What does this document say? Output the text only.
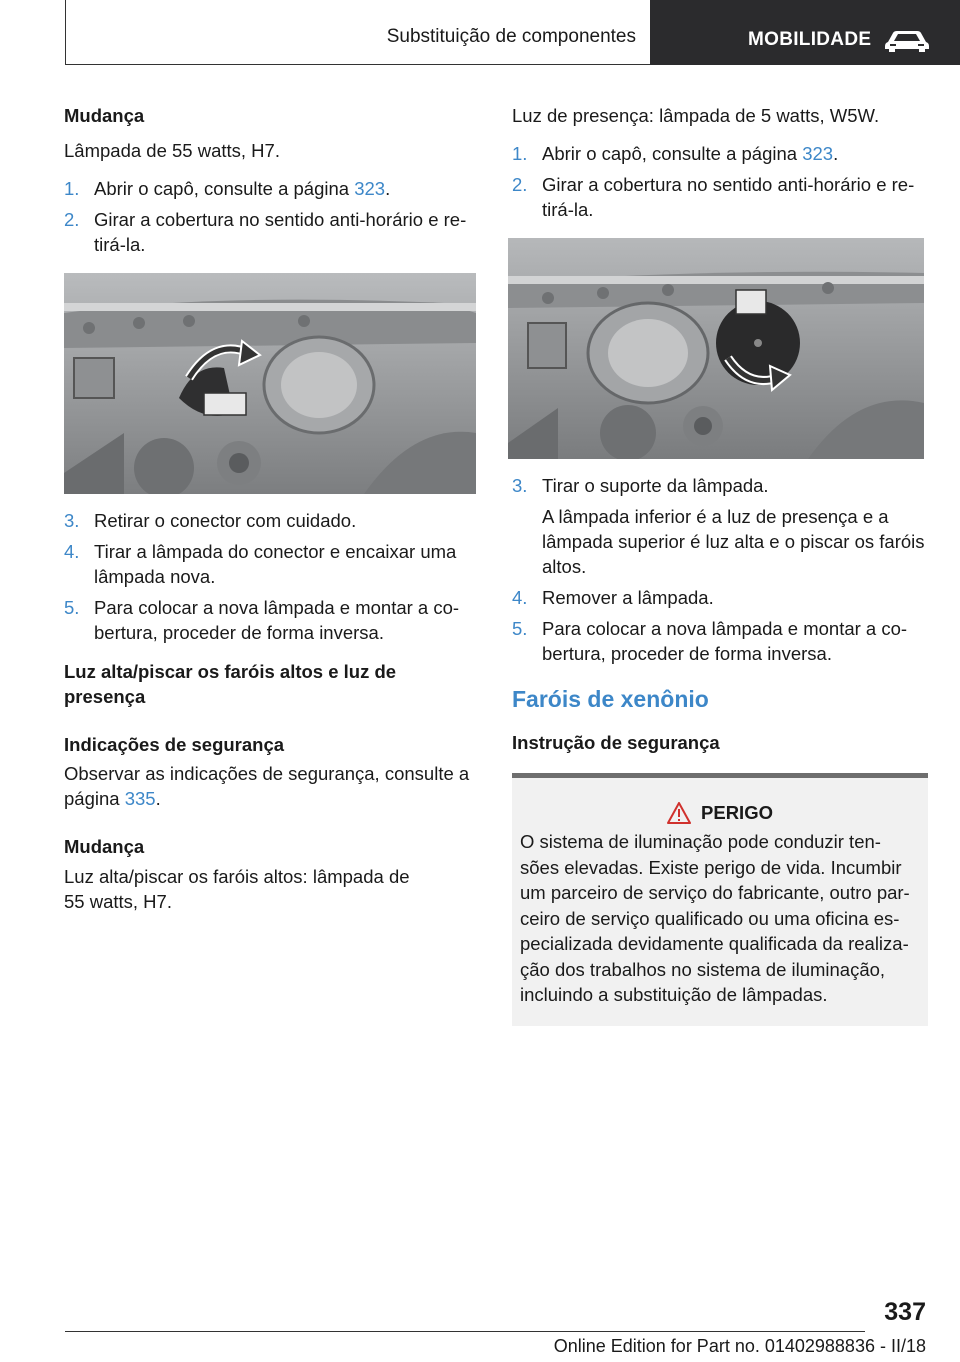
Substituição de componentes	MOBILIDADE
Mudança
Lâmpada de 55 watts, H7.
1. Abrir o capô, consulte a página 323.
2. Girar a cobertura no sentido anti-horário e re-tirá-la.
3. Retirar o conector com cuidado.
4. Tirar a lâmpada do conector e encaixar uma lâmpada nova.
5. Para colocar a nova lâmpada e montar a co-bertura, proceder de forma inversa.
Luz alta/piscar os faróis altos e luz de presença
Indicações de segurança
Observar as indicações de segurança, consulte a página 335.
Mudança
Luz alta/piscar os faróis altos: lâmpada de 55 watts, H7.
Luz de presença: lâmpada de 5 watts, W5W.
1. Abrir o capô, consulte a página 323.
2. Girar a cobertura no sentido anti-horário e re-tirá-la.
3. Tirar o suporte da lâmpada.
A lâmpada inferior é a luz de presença e a lâmpada superior é luz alta e o piscar os faróis altos.
4. Remover a lâmpada.
5. Para colocar a nova lâmpada e montar a co-bertura, proceder de forma inversa.
Faróis de xenônio
Instrução de segurança
PERIGO
O sistema de iluminação pode conduzir ten-sões elevadas. Existe perigo de vida. Incumbir um parceiro de serviço do fabricante, outro par-ceiro de serviço qualificado ou uma oficina es-pecializada devidamente qualificada da realiza-ção dos trabalhos no sistema de iluminação, incluindo a substituição de lâmpadas.
337
Online Edition for Part no. 01402988836 - II/18
